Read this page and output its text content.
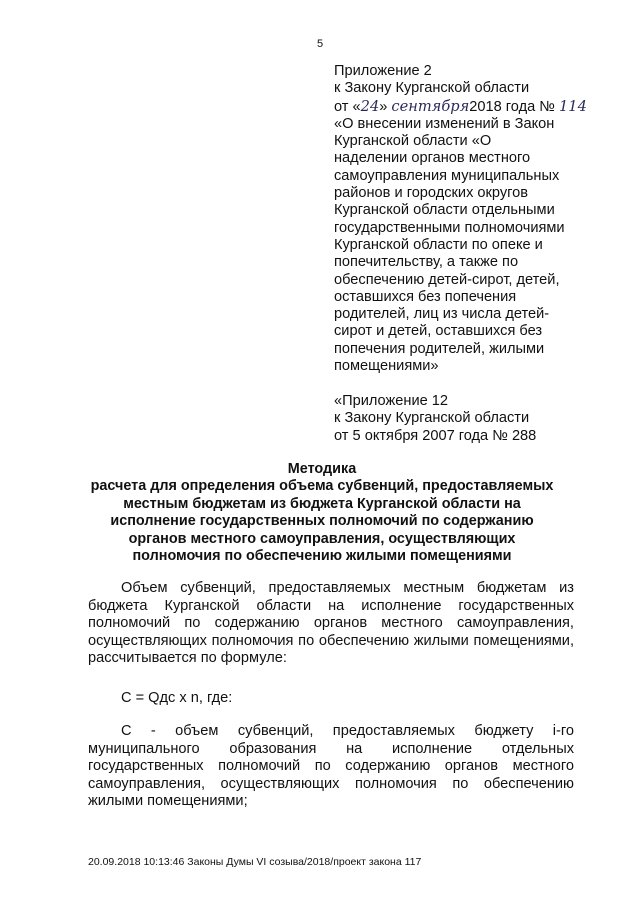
5
Приложение 2
к Закону Курганской области
от «24» сентября2018 года № 114
«О внесении изменений в Закон
Курганской области «О
наделении органов местного
самоуправления муниципальных
районов и городских округов
Курганской области отдельными
государственными полномочиями
Курганской области по опеке и
попечительству, а также по
обеспечению детей-сирот, детей,
оставшихся без попечения
родителей, лиц из числа детей-
сирот и детей, оставшихся без
попечения родителей, жилыми
помещениями»
«Приложение 12
к Закону Курганской области
от 5 октября 2007 года № 288
Методика
расчета для определения объема субвенций, предоставляемых
местным бюджетам из бюджета Курганской области на
исполнение государственных полномочий по содержанию
органов местного самоуправления, осуществляющих
полномочия по обеспечению жилыми помещениями
Объем субвенций, предоставляемых местным бюджетам из бюджета Курганской области на исполнение государственных полномочий по содержанию органов местного самоуправления, осуществляющих полномочия по обеспечению жилыми помещениями, рассчитывается по формуле:
C = Qдс x n, где:
С - объем субвенций, предоставляемых бюджету i-го муниципального образования на исполнение отдельных государственных полномочий по содержанию органов местного самоуправления, осуществляющих полномочия по обеспечению жилыми помещениями;
20.09.2018 10:13:46 Законы Думы VI созыва/2018/проект закона 117
